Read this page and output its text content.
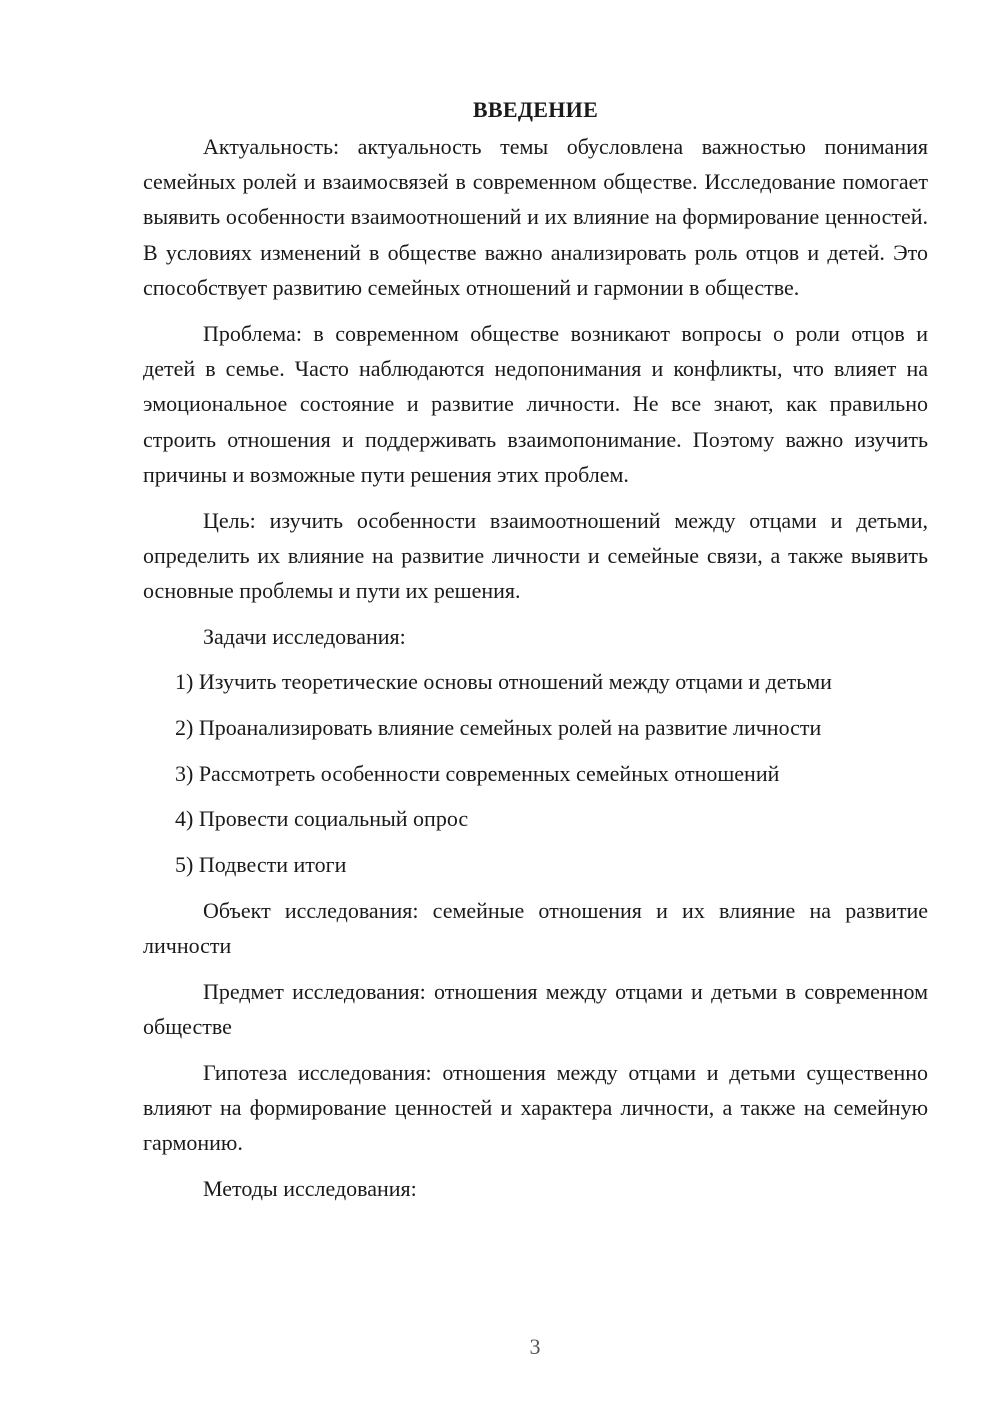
ВВЕДЕНИЕ

Актуальность: актуальность темы обусловлена важностью понимания семейных ролей и взаимосвязей в современном обществе. Исследование помогает выявить особенности взаимоотношений и их влияние на формирование ценностей. В условиях изменений в обществе важно анализировать роль отцов и детей. Это способствует развитию семейных отношений и гармонии в обществе.

Проблема: в современном обществе возникают вопросы о роли отцов и детей в семье. Часто наблюдаются недопонимания и конфликты, что влияет на эмоциональное состояние и развитие личности. Не все знают, как правильно строить отношения и поддерживать взаимопонимание. Поэтому важно изучить причины и возможные пути решения этих проблем.

Цель: изучить особенности взаимоотношений между отцами и детьми, определить их влияние на развитие личности и семейные связи, а также выявить основные проблемы и пути их решения.

Задачи исследования:

1) Изучить теоретические основы отношений между отцами и детьми

2) Проанализировать влияние семейных ролей на развитие личности

3) Рассмотреть особенности современных семейных отношений

4) Провести социальный опрос

5) Подвести итоги

Объект исследования: семейные отношения и их влияние на развитие личности

Предмет исследования: отношения между отцами и детьми в современном обществе

Гипотеза исследования: отношения между отцами и детьми существенно влияют на формирование ценностей и характера личности, а также на семейную гармонию.

Методы исследования:

3
